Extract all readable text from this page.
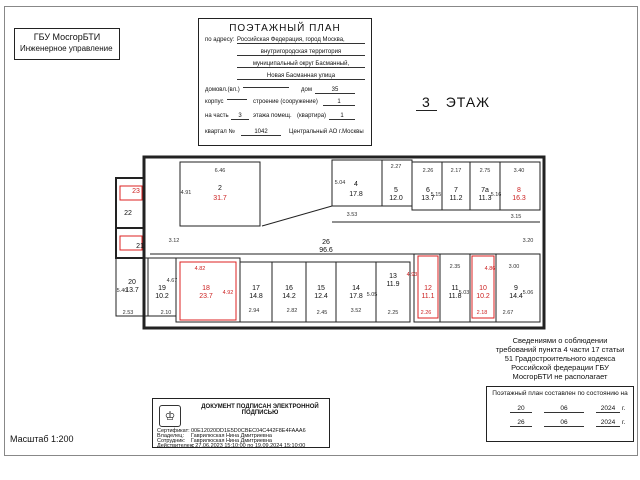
ГБУ МосгорБТИ
Инженерное управление
ПОЭТАЖНЫЙ ПЛАН
по адресу: Российская Федерация, город Москва,
внутригородская территория
муниципальный округ Басманный,
Новая Басманная улица
домовл.(вл.)	дом	35
корпус	строение (сооружение)	1
на часть	3	этажа помещ. (квартира)	1
квартал №	1042	Центральный АО г.Москвы
3 ЭТАЖ
2
31.7
4
17.8
5
12.0
6
13.7
7
11.2
7а
11.3
8
16.3
26
96.6
20
13.7	19
10.2
18
23.7
17
14.8
16
14.2
15
12.4
14
17.8
13
11.9
12
11.1
11
11.8
10
10.2
9
14.4
22
23
21
6.46
4.91
5.04
2.27
2.26	2.17	2.75	3.40
3.53	3.15
3.12	3.20
4.82
4.92
4.67
2.94	2.82	2.45	3.52	2.25	2.26	2.18	2.67
2.35	3.00
2.53	2.10
5.40
5.05
4.93
4.86
5.03	5.06
5.15	5.16
Сведениями о соблюдении требований пункта 4 части 17 статьи 51 Градостроительного кодекса Российской федерации ГБУ МосгорБТИ не располагает
Поэтажный план составлен по состоянию на
20	06	2024	г.
26	06	2024	г.
♔
ДОКУМЕНТ ПОДПИСАН ЭЛЕКТРОННОЙ ПОДПИСЬЮ
Сертификат: 00E12020DD1E5D0CBEC04C442F8E4FAAA6
Владелец: Гаврилюская Нина Дмитриевна
Сотрудник: Гаврилюская Нина Дмитриевна
Действителен:
с 27.06.2023 15:10:00 по 19.09.2024 15:10:00
Масштаб 1:200
